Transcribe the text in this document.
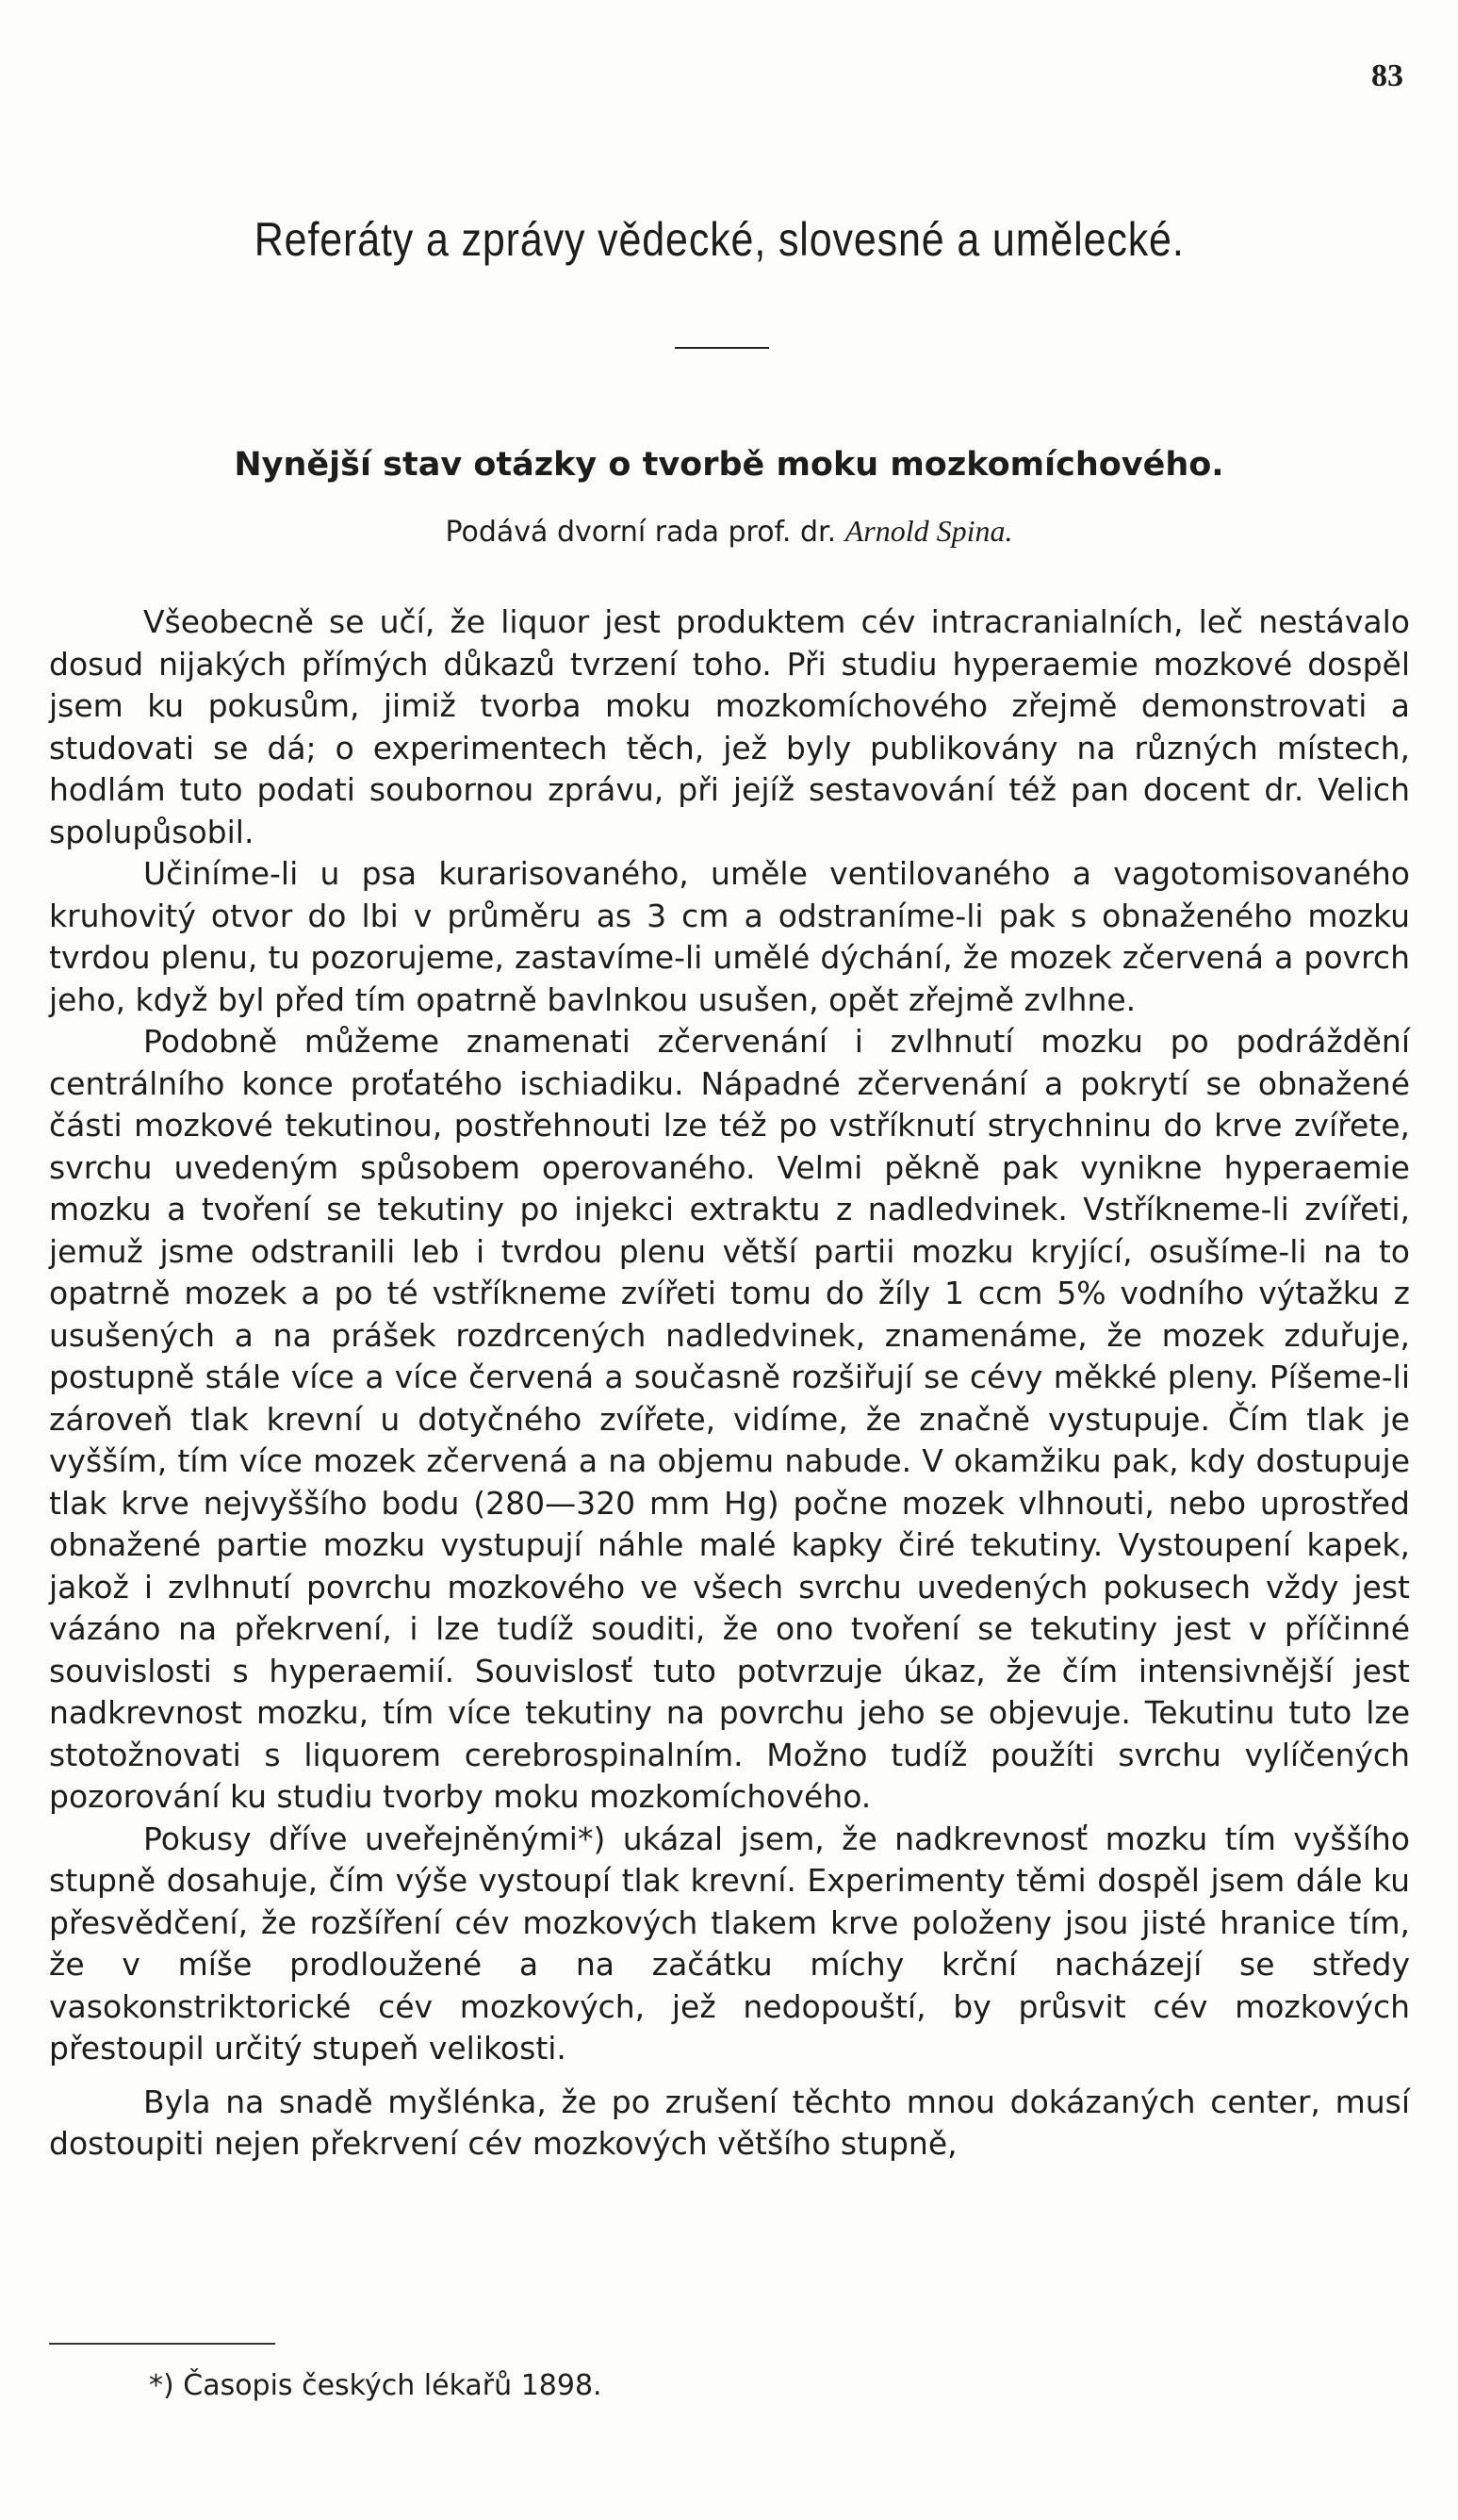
83
Referáty a zprávy vědecké, slovesné a umělecké.
Nynější stav otázky o tvorbě moku mozkomíchového.
Podává dvorní rada prof. dr. Arnold Spina.

Všeobecně se učí, že liquor jest produktem cév intracranialních, leč nestávalo dosud nijakých přímých důkazů tvrzení toho. Při studiu hyperaemie mozkové dospěl jsem ku pokusům, jimiž tvorba moku mozkomíchového zřejmě demonstrovati a studovati se dá; o experimentech těch, jež byly publikovány na různých místech, hodlám tuto podati soubornou zprávu, při jejíž sestavování též pan docent dr. Velich spolupůsobil.

Učiníme-li u psa kurarisovaného, uměle ventilovaného a vagotomisovaného kruhovitý otvor do lbi v průměru as 3 cm a odstraníme-li pak s obnaženého mozku tvrdou plenu, tu pozorujeme, zastavíme-li umělé dýchání, že mozek zčervená a povrch jeho, když byl před tím opatrně bavlnkou usušen, opět zřejmě zvlhne.

Podobně můžeme znamenati zčervenání i zvlhnutí mozku po podráždění centrálního konce proťatého ischiadiku. Nápadné zčervenání a pokrytí se obnažené části mozkové tekutinou, postřehnouti lze též po vstříknutí strychninu do krve zvířete, svrchu uvedeným spůsobem operovaného. Velmi pěkně pak vynikne hyperaemie mozku a tvoření se tekutiny po injekci extraktu z nadledvinek. Vstříkneme-li zvířeti, jemuž jsme odstranili leb i tvrdou plenu větší partii mozku kryjící, osušíme-li na to opatrně mozek a po té vstříkneme zvířeti tomu do žíly 1 ccm 5% vodního výtažku z usušených a na prášek rozdrcených nadledvinek, znamenáme, že mozek zduřuje, postupně stále více a více červená a současně rozšiřují se cévy měkké pleny. Píšeme-li zároveň tlak krevní u dotyčného zvířete, vidíme, že značně vystupuje. Čím tlak je vyšším, tím více mozek zčervená a na objemu nabude. V okamžiku pak, kdy dostupuje tlak krve nejvyššího bodu (280—320 mm Hg) počne mozek vlhnouti, nebo uprostřed obnažené partie mozku vystupují náhle malé kapky čiré tekutiny. Vystoupení kapek, jakož i zvlhnutí povrchu mozkového ve všech svrchu uvedených pokusech vždy jest vázáno na překrvení, i lze tudíž souditi, že ono tvoření se tekutiny jest v příčinné souvislosti s hyperaemií. Souvislosť tuto potvrzuje úkaz, že čím intensivnější jest nadkrevnost mozku, tím více tekutiny na povrchu jeho se objevuje. Tekutinu tuto lze stotožnovati s liquorem cerebrospinalním. Možno tudíž použíti svrchu vylíčených pozorování ku studiu tvorby moku mozkomíchového.

Pokusy dříve uveřejněnými*) ukázal jsem, že nadkrevnosť mozku tím vyššího stupně dosahuje, čím výše vystoupí tlak krevní. Experimenty těmi dospěl jsem dále ku přesvědčení, že rozšíření cév mozkových tlakem krve položeny jsou jisté hranice tím, že v míše prodloužené a na začátku míchy krční nacházejí se středy vasokonstriktorické cév mozkových, jež nedopouští, by průsvit cév mozkových přestoupil určitý stupeň velikosti.

Byla na snadě myšlénka, že po zrušení těchto mnou dokázaných center, musí dostoupiti nejen překrvení cév mozkových většího stupně,

*) Časopis českých lékařů 1898.
